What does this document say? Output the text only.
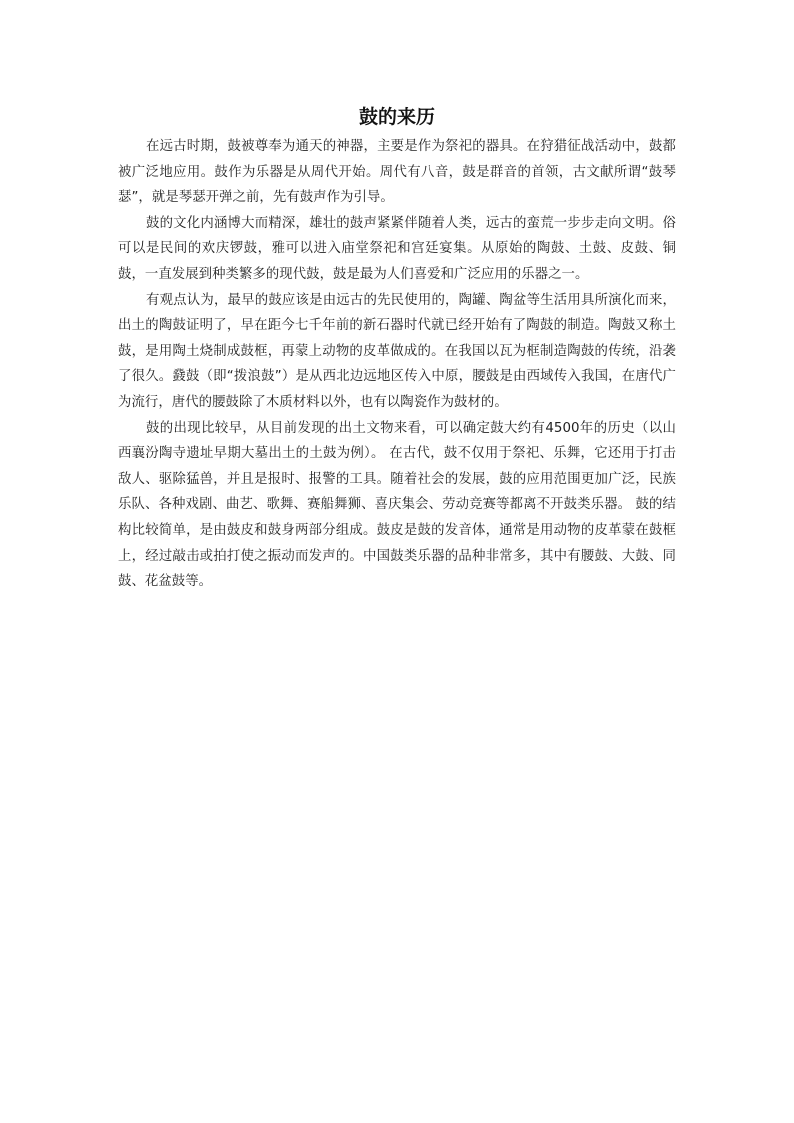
鼓的来历

在远古时期，鼓被尊奉为通天的神器，主要是作为祭祀的器具。在狩猎征战活动中，鼓都被广泛地应用。鼓作为乐器是从周代开始。周代有八音，鼓是群音的首领，古文献所谓“鼓琴瑟”，就是琴瑟开弹之前，先有鼓声作为引导。

鼓的文化内涵博大而精深，雄壮的鼓声紧紧伴随着人类，远古的蛮荒一步步走向文明。俗可以是民间的欢庆锣鼓，雅可以进入庙堂祭祀和宫廷宴集。从原始的陶鼓、土鼓、皮鼓、铜鼓，一直发展到种类繁多的现代鼓，鼓是最为人们喜爱和广泛应用的乐器之一。

有观点认为，最早的鼓应该是由远古的先民使用的，陶罐、陶盆等生活用具所演化而来，出土的陶鼓证明了，早在距今七千年前的新石器时代就已经开始有了陶鼓的制造。陶鼓又称土鼓，是用陶土烧制成鼓框，再蒙上动物的皮革做成的。在我国以瓦为框制造陶鼓的传统，沿袭了很久。鼗鼓（即“拨浪鼓”）是从西北边远地区传入中原，腰鼓是由西域传入我国，在唐代广为流行，唐代的腰鼓除了木质材料以外，也有以陶瓷作为鼓材的。

鼓的出现比较早，从目前发现的出土文物来看，可以确定鼓大约有4500年的历史（以山西襄汾陶寺遗址早期大墓出土的土鼓为例）。 在古代，鼓不仅用于祭祀、乐舞，它还用于打击敌人、驱除猛兽，并且是报时、报警的工具。随着社会的发展，鼓的应用范围更加广泛，民族乐队、各种戏剧、曲艺、歌舞、赛船舞狮、喜庆集会、劳动竞赛等都离不开鼓类乐器。 鼓的结构比较简单，是由鼓皮和鼓身两部分组成。鼓皮是鼓的发音体，通常是用动物的皮革蒙在鼓框上，经过敲击或拍打使之振动而发声的。中国鼓类乐器的品种非常多，其中有腰鼓、大鼓、同鼓、花盆鼓等。
